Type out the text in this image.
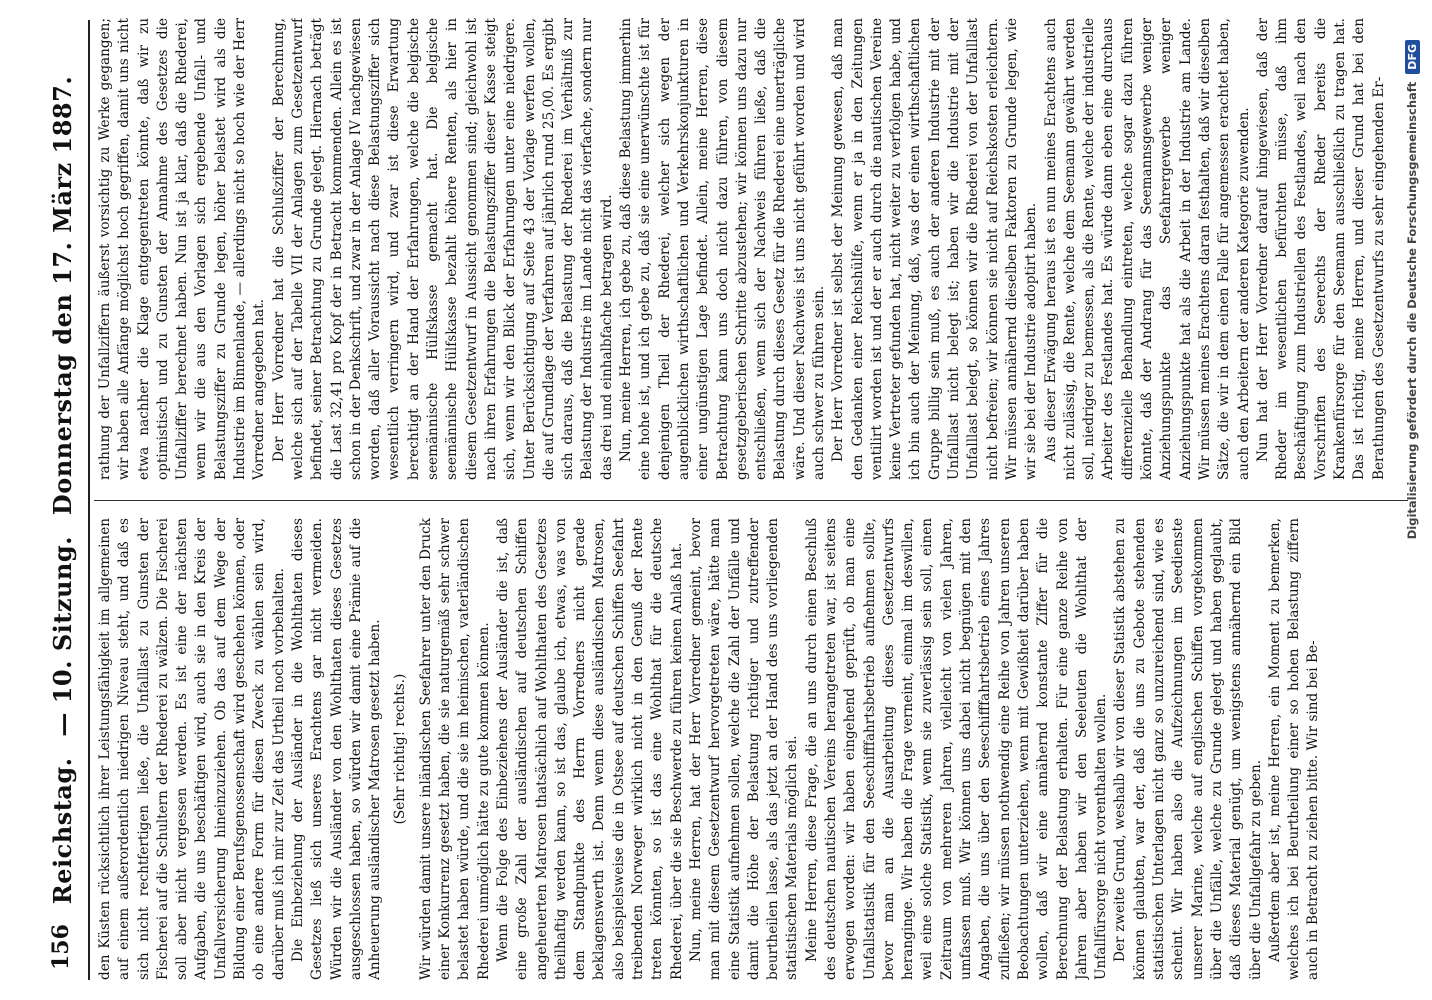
156
Reichstag. — 10. Sitzung. Donnerstag den 17. März 1887.

den Küsten rücksichtlich ihrer Leistungsfähigkeit im allgemeinen auf einem außerordentlich niedrigen Niveau steht, und daß es sich nicht rechtfertigen ließe, die Unfalllast zu Gunsten der Fischerei auf die Schultern der Rhederei zu wälzen. Die Fischerei soll aber nicht vergessen werden. Es ist eine der nächsten Aufgaben, die uns beschäftigen wird, auch sie in den Kreis der Unfallversicherung hineinzuziehen. Ob das auf dem Wege der Bildung einer Berufsgenossenschaft wird geschehen können, oder ob eine andere Form für diesen Zweck zu wählen sein wird, darüber muß ich mir zur Zeit das Urtheil noch vorbehalten. Die Einbeziehung der Ausländer in die Wohlthaten dieses Gesetzes ließ sich unseres Erachtens gar nicht vermeiden. Würden wir die Ausländer von den Wohlthaten dieses Gesetzes ausgeschlossen haben, so würden wir damit eine Prämie auf die Anheuerung ausländischer Matrosen gesetzt haben. (Sehr richtig! rechts.) Wir würden damit unsere inländischen Seefahrer unter den Druck einer Konkurrenz gesetzt haben, die sie naturgemäß sehr schwer belastet haben würde, und die sie im heimischen, vaterländischen Rhederei unmöglich hätte zu gute kommen können. Wenn die Folge des Einbeziehens der Ausländer die ist, daß eine große Zahl der ausländischen auf deutschen Schiffen angeheuerten Matrosen thatsächlich auf Wohlthaten des Gesetzes theilhaftig werden kann, so ist das, glaube ich, etwas, was von dem Standpunkte des Herrn Vorredners nicht gerade beklagenswerth ist. Denn wenn diese ausländischen Matrosen, also beispielsweise die in Ostsee auf deutschen Schiffen Seefahrt treibenden Norweger wirklich nicht in den Genuß der Rente treten könnten, so ist das eine Wohlthat für die deutsche Rhederei, über die sie Beschwerde zu führen keinen Anlaß hat. Nun, meine Herren, hat der Herr Vorredner gemeint, bevor man mit diesem Gesetzentwurf hervorgetreten wäre, hätte man eine Statistik aufnehmen sollen, welche die Zahl der Unfälle und damit die Höhe der Belastung richtiger und zutreffender beurtheilen lasse, als das jetzt an der Hand des uns vorliegenden statistischen Materials möglich sei. Meine Herren, diese Frage, die an uns durch einen Beschluß des deutschen nautischen Vereins herangetreten war, ist seitens erwogen worden: wir haben eingehend geprüft, ob man eine Unfallstatistik für den Seeschifffahrtsbetrieb aufnehmen sollte, bevor man an die Ausarbeitung dieses Gesetzentwurfs heranginge. Wir haben die Frage verneint, einmal im deswillen, weil eine solche Statistik, wenn sie zuverlässig sein soll, einen Zeitraum von mehreren Jahren, vielleicht von vielen Jahren, umfassen muß. Wir können uns dabei nicht begnügen mit den Angaben, die uns über den Seeschifffahrtsbetrieb eines Jahres zufließen; wir müssen nothwendig eine Reihe von Jahren unseren Beobachtungen unterziehen, wenn mit Gewißheit darüber haben wollen, daß wir eine annähernd konstante Ziffer für die Berechnung der Belastung erhalten. Für eine ganze Reihe von Jahren aber haben wir den Seeleuten die Wohlthat der Unfallfürsorge nicht vorenthalten wollen. Der zweite Grund, weshalb wir von dieser Statistik abstehen zu können glaubten, war der, daß die uns zu Gebote stehenden statistischen Unterlagen nicht ganz so unzureichend sind, wie es scheint. Wir haben also die Aufzeichnungen im Seedienste unserer Marine, welche auf englischen Schiffen vorgekommen über die Unfälle, welche zu Grunde gelegt und haben geglaubt, daß dieses Material genügt, um wenigstens annähernd ein Bild über die Unfallgefahr zu geben. Außerdem aber ist, meine Herren, ein Moment zu bemerken, welches ich bei Beurtheilung einer so hohen Belastung ziffern auch in Betracht zu ziehen bitte. Wir sind bei Be-

rathung der Unfallziffern äußerst vorsichtig zu Werke gegangen; wir haben alle Anfänge möglichst hoch gegriffen, damit uns nicht etwa nachher die Klage entgegentreten könnte, daß wir zu optimistisch und zu Gunsten der Annahme des Gesetzes die Unfallziffer berechnet haben. Nun ist ja klar, daß die Rhederei, wenn wir die aus den Vorlagen sich ergebende Unfall- und Belastungsziffer zu Grunde legen, höher belastet wird als die Industrie im Binnenlande, — allerdings nicht so hoch wie der Herr Vorredner angegeben hat. Der Herr Vorredner hat die Schlußziffer der Berechnung, welche sich auf der Tabelle VII der Anlagen zum Gesetzentwurf befindet, seiner Betrachtung zu Grunde gelegt. Hiernach beträgt die Last 32,41 pro Kopf der in Betracht kommenden. Allein es ist schon in der Denkschrift, und zwar in der Anlage IV nachgewiesen worden, daß aller Voraussicht nach diese Belastungsziffer sich wesentlich verringern wird, und zwar ist diese Erwartung berechtigt an der Hand der Erfahrungen, welche die belgische seemännische Hülfskasse gemacht hat. Die belgische seemännische Hülfskasse bezahlt höhere Renten, als hier in diesem Gesetzentwurf in Aussicht genommen sind; gleichwohl ist nach ihren Erfahrungen die Belastungsziffer dieser Kasse steigt sich, wenn wir den Blick der Erfahrungen unter eine niedrigere. Unter Berücksichtigung auf Seite 43 der Vorlage werfen wollen, die auf Grundlage der Verfahren auf jährlich rund 25,00. Es ergibt sich daraus, daß die Belastung der Rhederei im Verhältniß zur Belastung der Industrie im Lande nicht das vierfache, sondern nur das drei und einhalbfache betragen wird. Nun, meine Herren, ich gebe zu, daß diese Belastung immerhin eine hohe ist, und ich gebe zu, daß sie eine unerwünschte ist für denjenigen Theil der Rhederei, welcher sich wegen der augenblicklichen wirthschaftlichen und Verkehrskonjunkturen in einer ungünstigen Lage befindet. Allein, meine Herren, diese Betrachtung kann uns doch nicht dazu führen, von diesem gesetzgeberischen Schritte abzustehen; wir können uns dazu nur entschließen, wenn sich der Nachweis führen ließe, daß die Belastung durch dieses Gesetz für die Rhederei eine unerträgliche wäre. Und dieser Nachweis ist uns nicht geführt worden und wird auch schwer zu führen sein. Der Herr Vorredner ist selbst der Meinung gewesen, daß man den Gedanken einer Reichshülfe, wenn er ja in den Zeitungen ventilirt worden ist und der er auch durch die nautischen Vereine keine Vertreter gefunden hat, nicht weiter zu verfolgen habe, und ich bin auch der Meinung, daß, was der einen wirthschaftlichen Gruppe billig sein muß, es auch der anderen Industrie mit der Unfalllast nicht belegt ist; haben wir die Industrie mit der Unfalllast belegt, so können wir die Rhederei von der Unfalllast nicht befreien; wir können sie nicht auf Reichskosten erleichtern. Wir müssen annähernd dieselben Faktoren zu Grunde legen, wie wir sie bei der Industrie adoptirt haben. Aus dieser Erwägung heraus ist es nun meines Erachtens auch nicht zulässig, die Rente, welche dem Seemann gewährt werden soll, niedriger zu bemessen, als die Rente, welche der industrielle Arbeiter des Festlandes hat. Es würde dann eben eine durchaus differenzielle Behandlung eintreten, welche sogar dazu führen könnte, daß der Andrang für das Seemannsgewerbe weniger Anziehungspunkte das Seefahrergewerbe weniger Anziehungspunkte hat als die Arbeit in der Industrie am Lande. Wir müssen meines Erachtens daran festhalten, daß wir dieselben Sätze, die wir in dem einen Falle für angemessen erachtet haben, auch den Arbeitern der anderen Kategorie zuwenden. Nun hat der Herr Vorredner darauf hingewiesen, daß der Rheder im wesentlichen befürchten müsse, daß ihm Beschäftigung zum Industriellen des Festlandes, weil nach den Vorschriften des Seerechts der Rheder bereits die Krankenfürsorge für den Seemann ausschließlich zu tragen hat. Das ist richtig, meine Herren, und dieser Grund hat bei den Berathungen des Gesetzentwurfs zu sehr eingehenden Er- Digitalisierung gefördert durch die Deutsche Forschungsgemeinschaft DFG
